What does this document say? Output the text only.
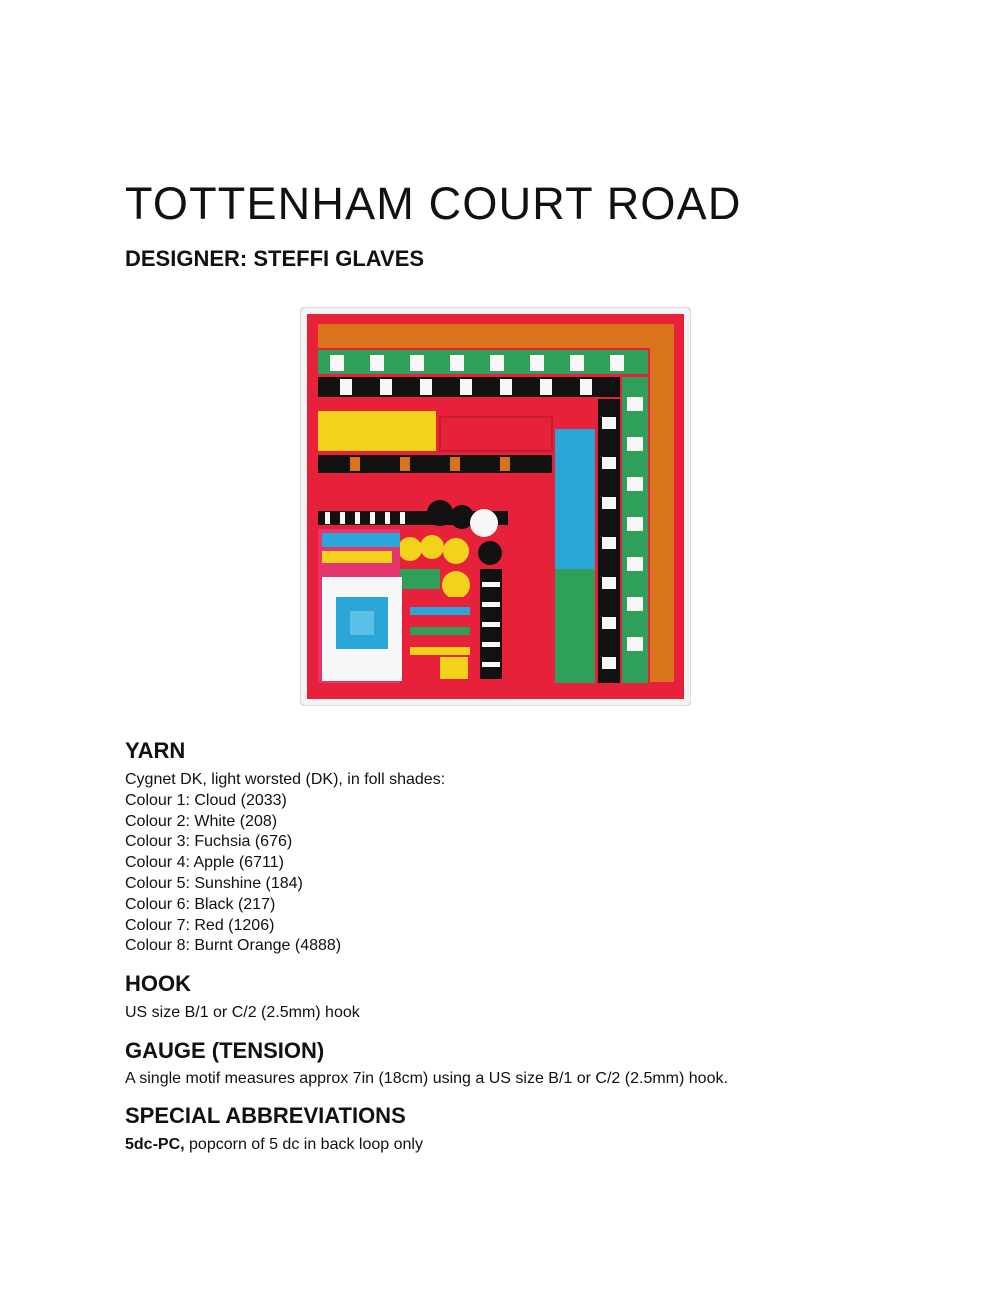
TOTTENHAM COURT ROAD
DESIGNER: STEFFI GLAVES
YARN
Cygnet DK, light worsted (DK), in foll shades:
Colour 1: Cloud (2033)
Colour 2: White (208)
Colour 3: Fuchsia (676)
Colour 4: Apple (6711)
Colour 5: Sunshine (184)
Colour 6: Black (217)
Colour 7: Red (1206)
Colour 8: Burnt Orange (4888)
HOOK

US size B/1 or C/2 (2.5mm) hook

GAUGE (TENSION)

A single motif measures approx 7in (18cm) using a US size B/1 or C/2 (2.5mm) hook.

SPECIAL ABBREVIATIONS

5dc-PC, popcorn of 5 dc in back loop only
